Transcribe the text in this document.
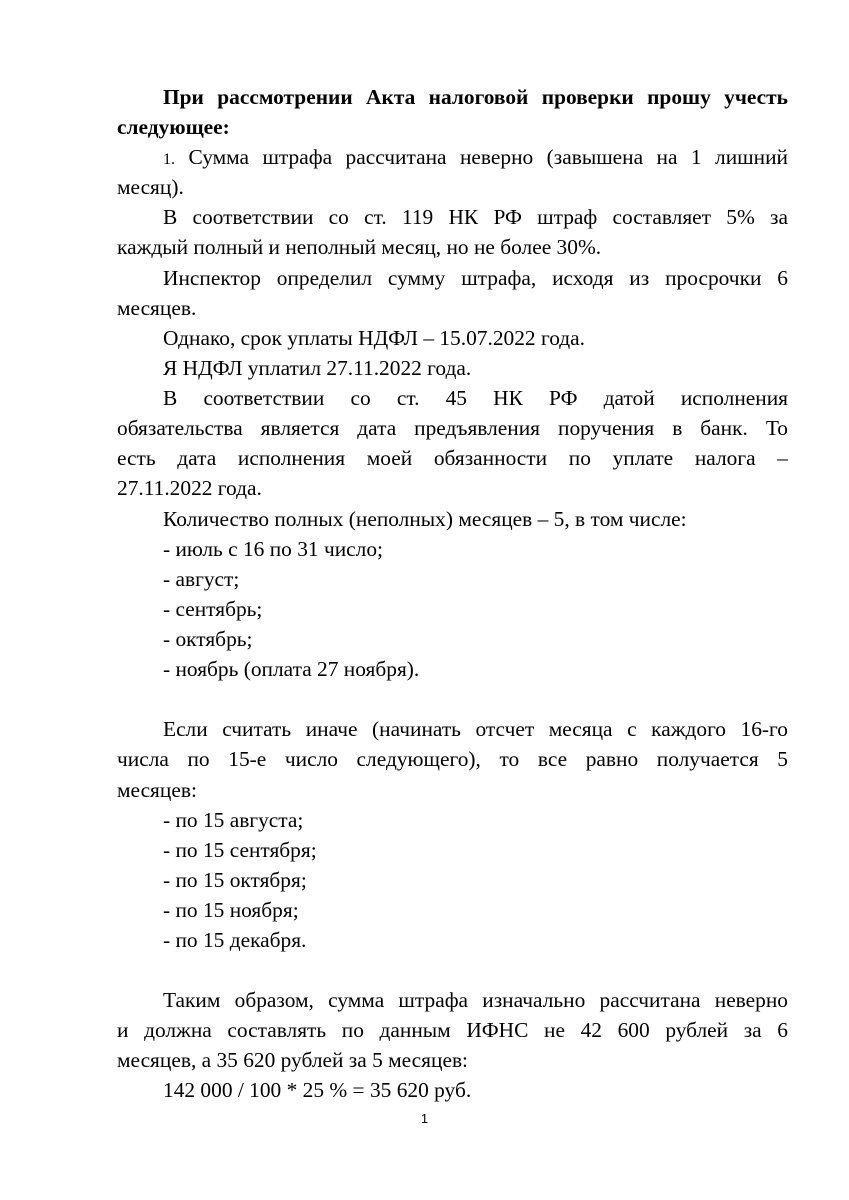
При рассмотрении Акта налоговой проверки прошу учесть
следующее:
1. Сумма штрафа рассчитана неверно (завышена на 1 лишний
месяц).
В соответствии со ст. 119 НК РФ штраф составляет 5% за
каждый полный и неполный месяц, но не более 30%.
Инспектор определил сумму штрафа, исходя из просрочки 6
месяцев.
Однако, срок уплаты НДФЛ – 15.07.2022 года.
Я НДФЛ уплатил 27.11.2022 года.
В соответствии со ст. 45 НК РФ датой исполнения
обязательства является дата предъявления поручения в банк. То
есть дата исполнения моей обязанности по уплате налога –
27.11.2022 года.
Количество полных (неполных) месяцев – 5, в том числе:
- июль с 16 по 31 число;
- август;
- сентябрь;
- октябрь;
- ноябрь (оплата 27 ноября).
Если считать иначе (начинать отсчет месяца с каждого 16-го
числа по 15-е число следующего), то все равно получается 5
месяцев:
- по 15 августа;
- по 15 сентября;
- по 15 октября;
- по 15 ноября;
- по 15 декабря.
Таким образом, сумма штрафа изначально рассчитана неверно
и должна составлять по данным ИФНС не 42 600 рублей за 6
месяцев, а 35 620 рублей за 5 месяцев:
142 000 / 100 * 25 % = 35 620 руб.
1
